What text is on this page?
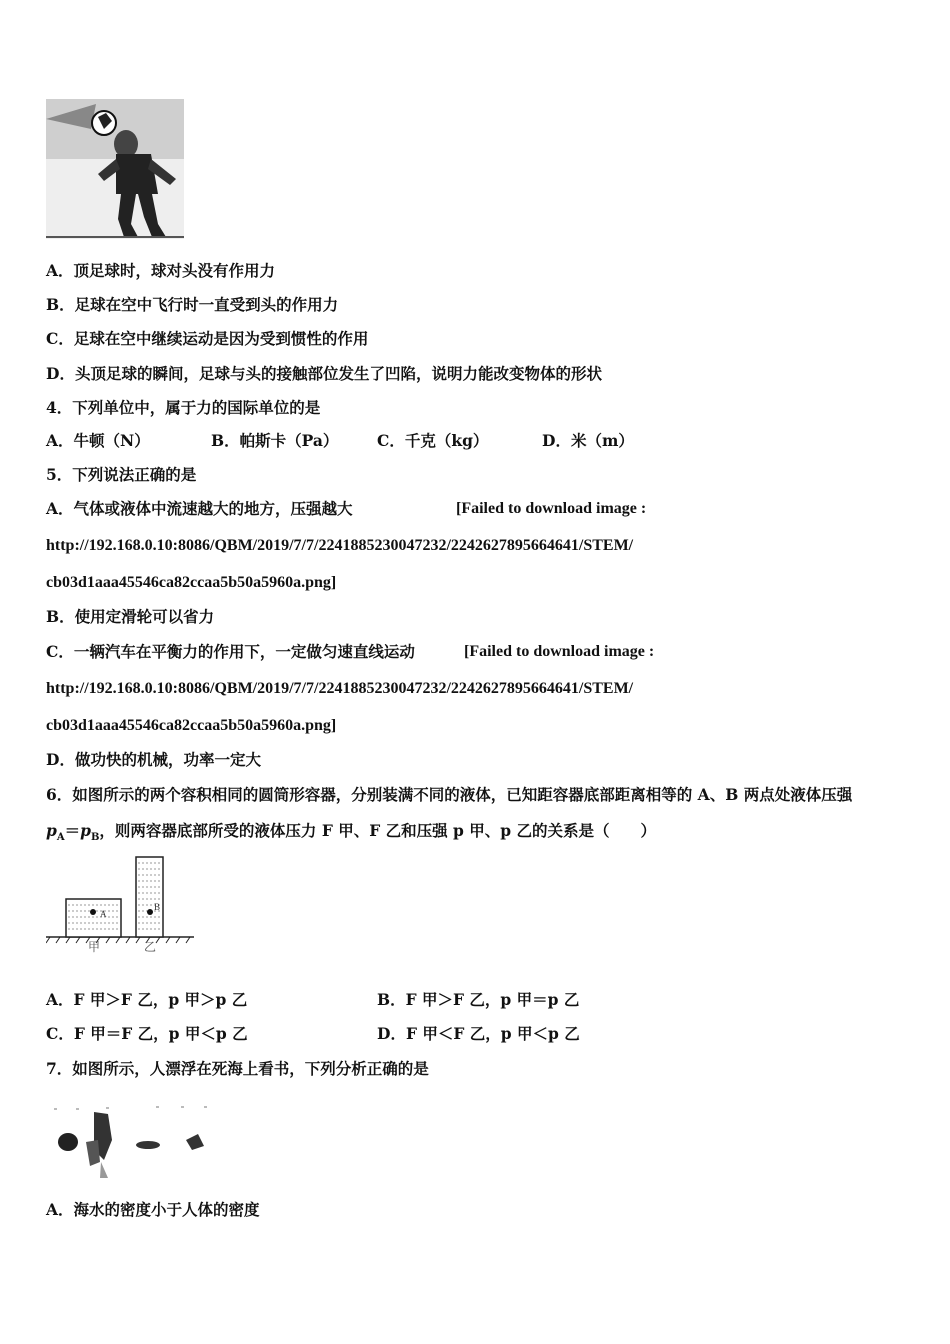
A．顶足球时，球对头没有作用力
B．足球在空中飞行时一直受到头的作用力
C．足球在空中继续运动是因为受到惯性的作用
D．头顶足球的瞬间，足球与头的接触部位发生了凹陷，说明力能改变物体的形状
4．下列单位中，属于力的国际单位的是
A．牛顿（N）	B．帕斯卡（Pa） C．千克（kg）	D．米（m）
5．下列说法正确的是
A．气体或液体中流速越大的地方，压强越大	[Failed to download image :
http://192.168.0.10:8086/QBM/2019/7/7/2241885230047232/2242627895664641/STEM/
cb03d1aaa45546ca82ccaa5b50a5960a.png]
B．使用定滑轮可以省力
C．一辆汽车在平衡力的作用下，一定做匀速直线运动	[Failed to download image :
http://192.168.0.10:8086/QBM/2019/7/7/2241885230047232/2242627895664641/STEM/
cb03d1aaa45546ca82ccaa5b50a5960a.png]
D．做功快的机械，功率一定大
6．如图所示的两个容积相同的圆筒形容器，分别装满不同的液体，已知距容器底部距离相等的 A、B 两点处液体压强
$p_A=p_B$，则两容器底部所受的液体压力 F 甲、F 乙和压强 p 甲、p 乙的关系是（　　）
A
B
甲	乙
A．F 甲＞F 乙，p 甲＞p 乙	B．F 甲＞F 乙，p 甲＝p 乙
C．F 甲＝F 乙，p 甲＜p 乙	D．F 甲＜F 乙，p 甲＜p 乙
7．如图所示，人漂浮在死海上看书，下列分析正确的是
A．海水的密度小于人体的密度
